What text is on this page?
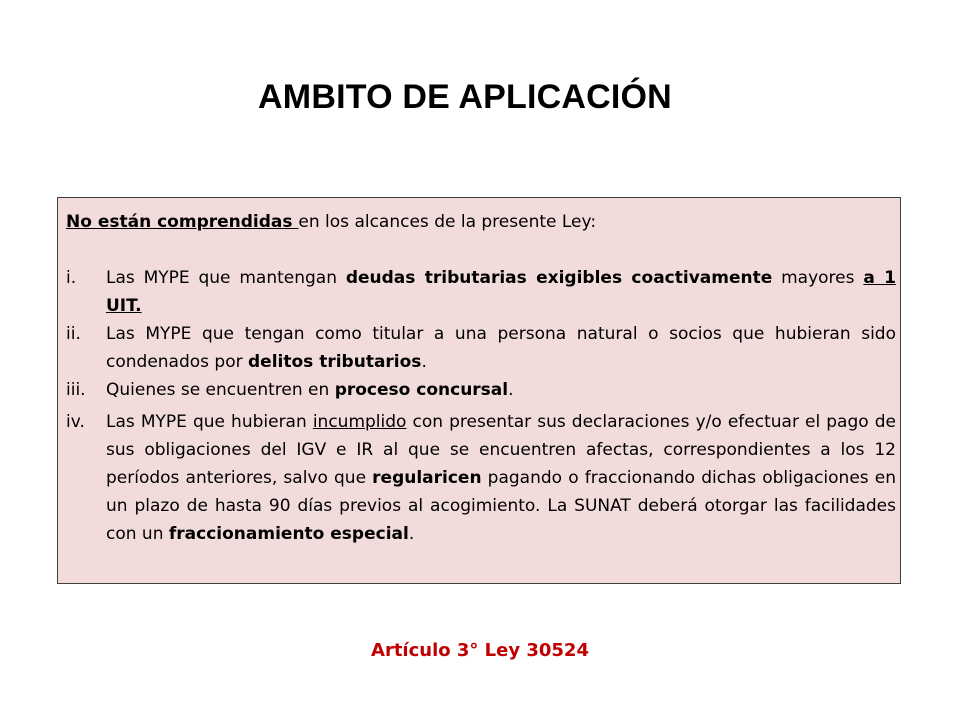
AMBITO DE APLICACIÓN
No están comprendidas en los alcances de la presente Ley:
i.	Las MYPE que mantengan deudas tributarias exigibles coactivamente mayores a 1 UIT.
ii.	Las MYPE que tengan como titular a una persona natural o socios que hubieran sido condenados por delitos tributarios.
iii.	Quienes se encuentren en proceso concursal.
iv.	Las MYPE que hubieran incumplido con presentar sus declaraciones y/o efectuar el pago de sus obligaciones del IGV e IR al que se encuentren afectas, correspondientes a los 12 períodos anteriores, salvo que regularicen pagando o fraccionando dichas obligaciones en un plazo de hasta 90 días previos al acogimiento. La SUNAT deberá otorgar las facilidades con un fraccionamiento especial.
Artículo 3° Ley 30524
